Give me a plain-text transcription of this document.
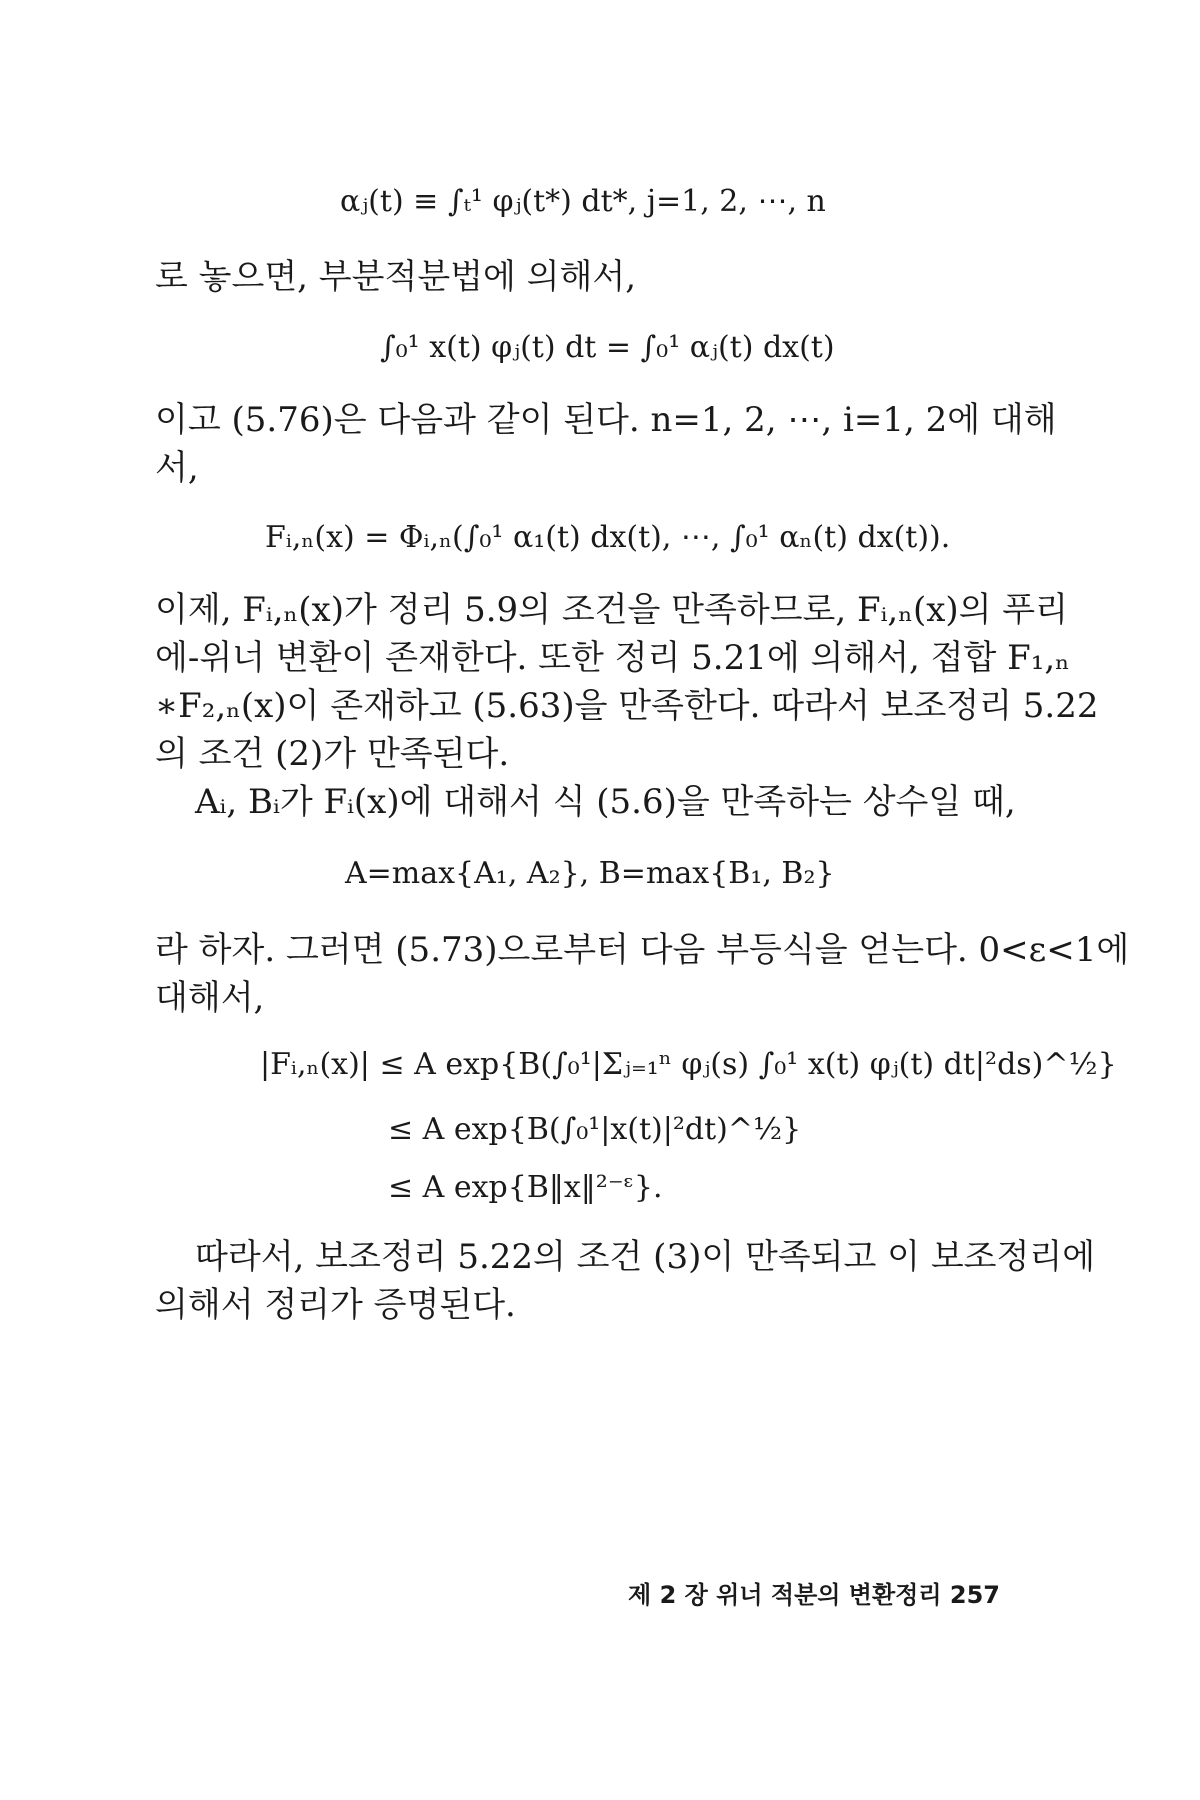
αⱼ(t) ≡ ∫ₜ¹ φⱼ(t*) dt*, j=1, 2, ⋯, n
로 놓으면, 부분적분법에 의해서,
∫₀¹ x(t) φⱼ(t) dt = ∫₀¹ αⱼ(t) dx(t)
이고 (5.76)은 다음과 같이 된다. n=1, 2, ⋯, i=1, 2에 대해
서,
Fᵢ,ₙ(x) = Φᵢ,ₙ(∫₀¹ α₁(t) dx(t), ⋯, ∫₀¹ αₙ(t) dx(t)).
이제, Fᵢ,ₙ(x)가 정리 5.9의 조건을 만족하므로, Fᵢ,ₙ(x)의 푸리
에-위너 변환이 존재한다. 또한 정리 5.21에 의해서, 접합 F₁,ₙ
∗F₂,ₙ(x)이 존재하고 (5.63)을 만족한다. 따라서 보조정리 5.22
의 조건 (2)가 만족된다.
Aᵢ, Bᵢ가 Fᵢ(x)에 대해서 식 (5.6)을 만족하는 상수일 때,
A=max{A₁, A₂}, B=max{B₁, B₂}
라 하자. 그러면 (5.73)으로부터 다음 부등식을 얻는다. 0<ε<1에
대해서,
|Fᵢ,ₙ(x)| ≤ A exp{B(∫₀¹|Σⱼ₌₁ⁿ φⱼ(s) ∫₀¹ x(t) φⱼ(t) dt|²ds)^½}
≤ A exp{B(∫₀¹|x(t)|²dt)^½}
≤ A exp{B‖x‖²⁻ᵋ}.
따라서, 보조정리 5.22의 조건 (3)이 만족되고 이 보조정리에
의해서 정리가 증명된다.
제 2 장 위너 적분의 변환정리 257
